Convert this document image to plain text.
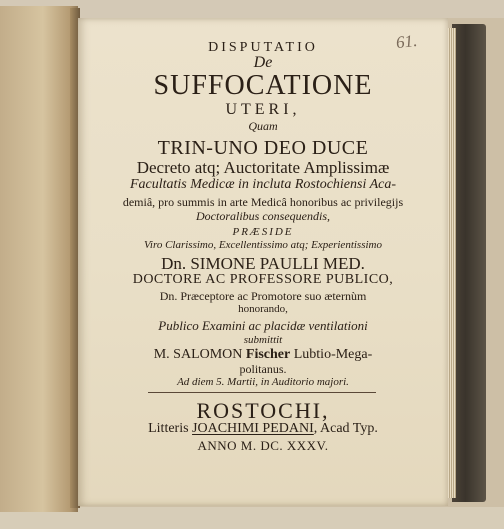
61.
DISPUTATIO
De
SUFFOCATIONE
UTERI,
Quam
TRIN-UNO DEO DUCE
Decreto atq; Auctoritate Amplissimæ
Facultatis Medicæ in incluta Rostochiensi Aca-
demiâ, pro summis in arte Medicâ honoribus ac privilegijs
Doctoralibus consequendis,
PRÆSIDE
Viro Clarissimo, Excellentissimo atq; Experientissimo
Dn. SIMONE PAULLI MED.
DOCTORE AC PROFESSORE PUBLICO,
Dn. Præceptore ac Promotore suo æternùm
honorando,
Publico Examini ac placidæ ventilationi
submittit
M. SALOMON Fischer Lubtio-Mega-
politanus.
Ad diem 5. Martii, in Auditorio majori.
ROSTOCHI,
Litteris JOACHIMI PEDANI, Acad Typ.
ANNO M. DC. XXXV.
